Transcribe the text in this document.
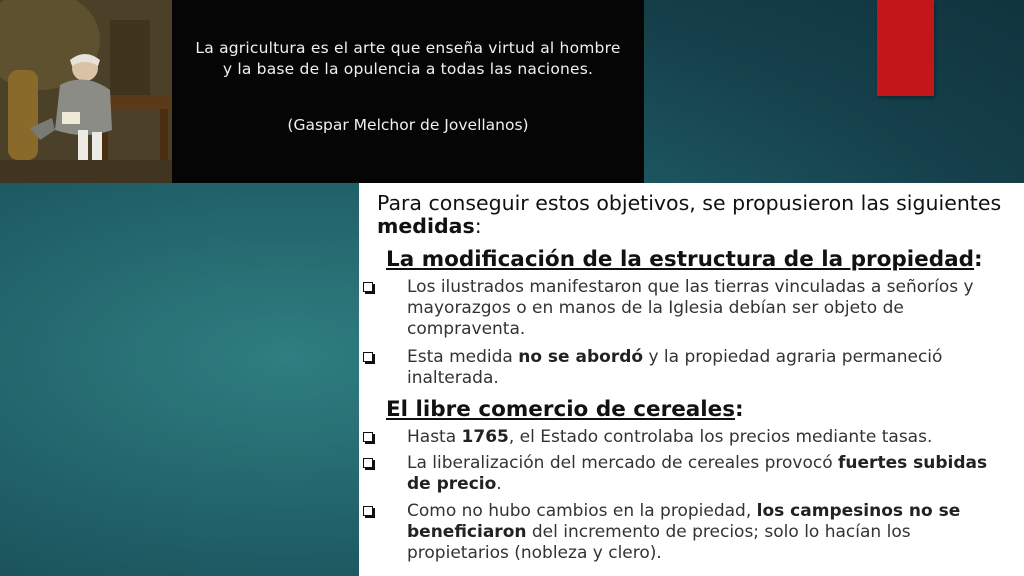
La agricultura es el arte que enseña virtud al hombre y la base de la opulencia a todas las naciones.
(Gaspar Melchor de Jovellanos)
Para conseguir estos objetivos, se propusieron las siguientes medidas:
La modificación de la estructura de la propiedad:
Los ilustrados manifestaron que las tierras vinculadas a señoríos y mayorazgos o en manos de la Iglesia debían ser objeto de compraventa.
Esta medida no se abordó y la propiedad agraria permaneció inalterada.
El libre comercio de cereales:
Hasta 1765, el Estado controlaba los precios mediante tasas.
La liberalización del mercado de cereales provocó fuertes subidas de precio.
Como no hubo cambios en la propiedad, los campesinos no se beneficiaron del incremento de precios; solo lo hacían los propietarios (nobleza y clero).
